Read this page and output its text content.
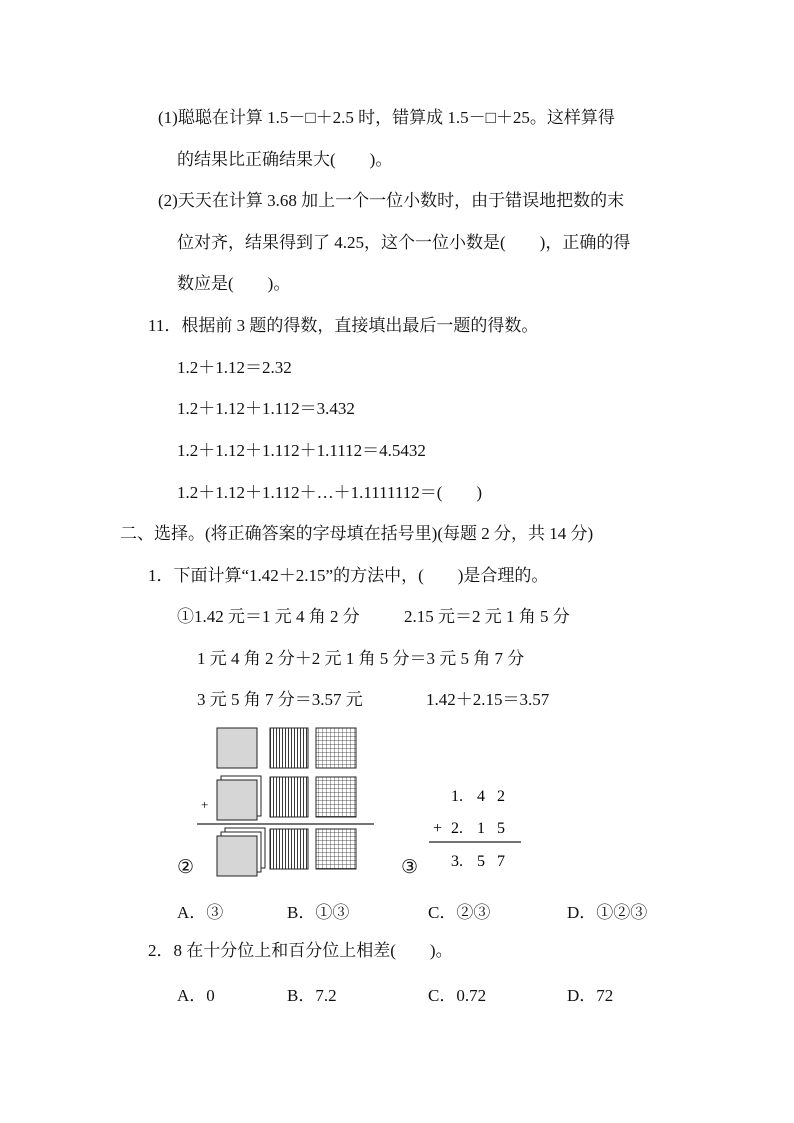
(1)聪聪在计算 1.5－□＋2.5 时，错算成 1.5－□＋25。这样算得
的结果比正确结果大(　　)。
(2)天天在计算 3.68 加上一个一位小数时，由于错误地把数的末
位对齐，结果得到了 4.25，这个一位小数是(　　)，正确的得
数应是(　　)。
11．根据前 3 题的得数，直接填出最后一题的得数。
1.2＋1.12＝2.32
1.2＋1.12＋1.112＝3.432
1.2＋1.12＋1.112＋1.1112＝4.5432
1.2＋1.12＋1.112＋…＋1.1111112＝(　　)
二、选择。(将正确答案的字母填在括号里)(每题 2 分，共 14 分)
1．下面计算“1.42＋2.15”的方法中，(　　)是合理的。
①1.42 元＝1 元 4 角 2 分	2.15 元＝2 元 1 角 5 分
1 元 4 角 2 分＋2 元 1 角 5 分＝3 元 5 角 7 分
3 元 5 角 7 分＝3.57 元	1.42＋2.15＝3.57
+
②	③
1. 4 2
+ 2. 1 5
3. 5 7
A．③	B．①③	C．②③	D．①②③
2．8 在十分位上和百分位上相差(　　)。
A．0	B．7.2	C．0.72	D．72
